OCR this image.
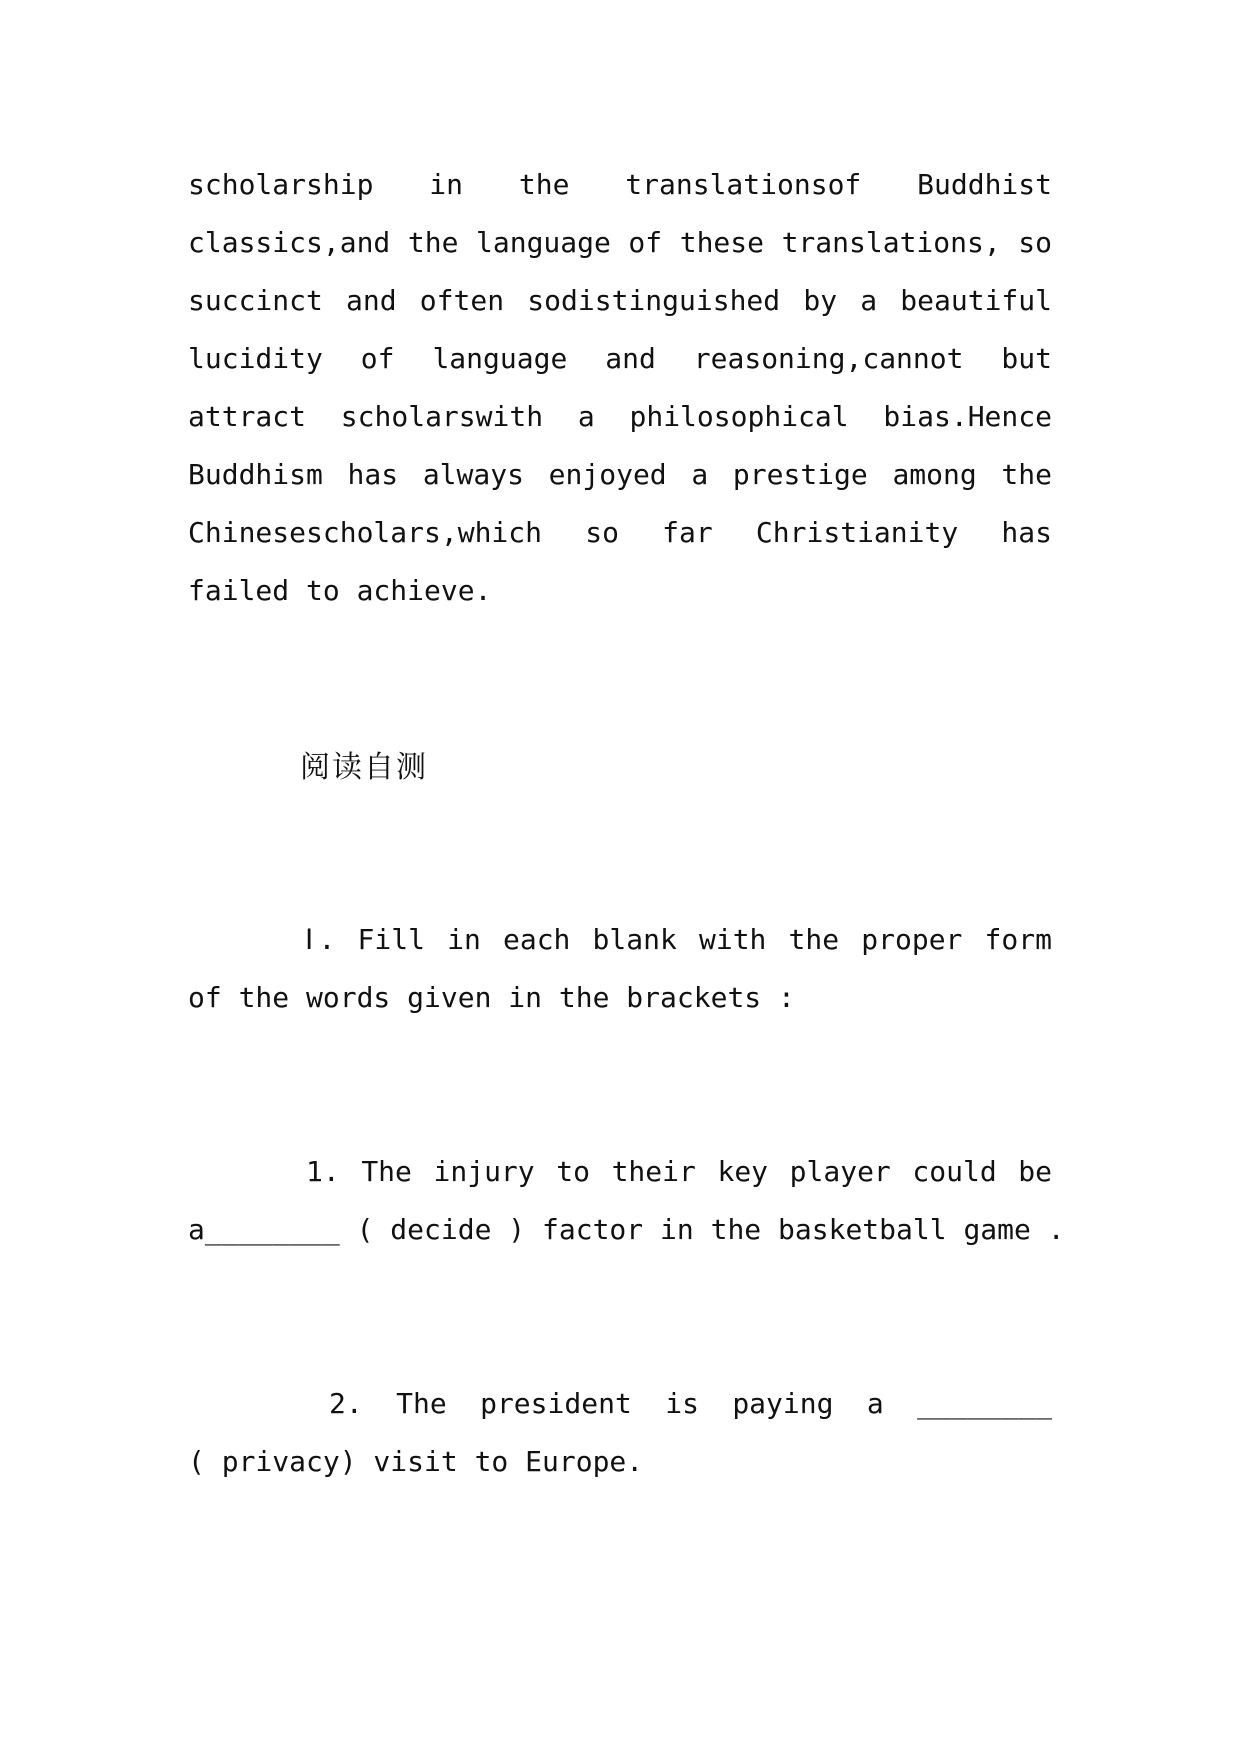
scholarship in the translationsof Buddhist
classics,and the language of these translations, so
succinct and often sodistinguished by a beautiful
lucidity of language and reasoning,cannot but
attract scholarswith a philosophical bias.Hence
Buddhism has always enjoyed a prestige among the
Chinesescholars,which so far Christianity has
failed to achieve.
阅读自测
Ⅰ. Fill in each blank with the proper form
of the words given in the brackets :
1. The injury to their key player could be
a________ ( decide ) factor in the basketball game .
2. The president is paying a ________
( privacy) visit to Europe.
